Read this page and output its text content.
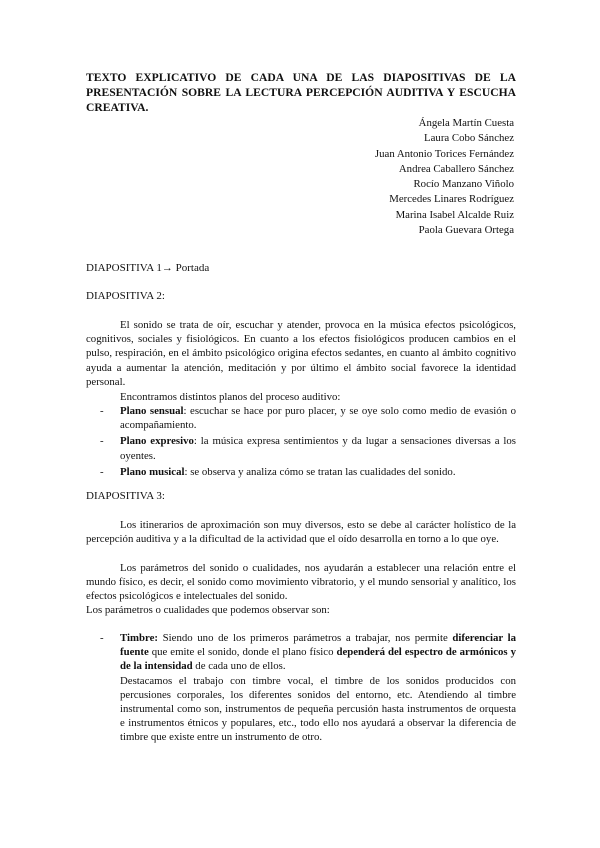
TEXTO EXPLICATIVO DE CADA UNA DE LAS DIAPOSITIVAS DE LA PRESENTACIÓN SOBRE LA LECTURA PERCEPCIÓN AUDITIVA Y ESCUCHA CREATIVA.
Ángela Martín Cuesta
Laura Cobo Sánchez
Juan Antonio Torices Fernández
Andrea Caballero Sánchez
Rocío Manzano Viñolo
Mercedes Linares Rodríguez
Marina Isabel Alcalde Ruiz
Paola Guevara Ortega
DIAPOSITIVA 1→ Portada
DIAPOSITIVA 2:
El sonido se trata de oír, escuchar y atender, provoca en la música efectos psicológicos, cognitivos, sociales y fisiológicos. En cuanto a los efectos fisiológicos producen cambios en el pulso, respiración, en el ámbito psicológico origina efectos sedantes, en cuanto al ámbito cognitivo ayuda a aumentar la atención, meditación y por último el ámbito social favorece la identidad personal.
Encontramos distintos planos del proceso auditivo:
- Plano sensual: escuchar se hace por puro placer, y se oye solo como medio de evasión o acompañamiento.
- Plano expresivo: la música expresa sentimientos y da lugar a sensaciones diversas a los oyentes.
- Plano musical: se observa y analiza cómo se tratan las cualidades del sonido.
DIAPOSITIVA 3:
Los itinerarios de aproximación son muy diversos, esto se debe al carácter holístico de la percepción auditiva y a la dificultad de la actividad que el oído desarrolla en torno a lo que oye.
Los parámetros del sonido o cualidades, nos ayudarán a establecer una relación entre el mundo físico, es decir, el sonido como movimiento vibratorio, y el mundo sensorial y analítico, los efectos psicológicos e intelectuales del sonido.
Los parámetros o cualidades que podemos observar son:
- Timbre: Siendo uno de los primeros parámetros a trabajar, nos permite diferenciar la fuente que emite el sonido, donde el plano físico dependerá del espectro de armónicos y de la intensidad de cada uno de ellos.
Destacamos el trabajo con timbre vocal, el timbre de los sonidos producidos con percusiones corporales, los diferentes sonidos del entorno, etc. Atendiendo al timbre instrumental como son, instrumentos de pequeña percusión hasta instrumentos de orquesta e instrumentos étnicos y populares, etc., todo ello nos ayudará a observar la diferencia de timbre que existe entre un instrumento de otro.
